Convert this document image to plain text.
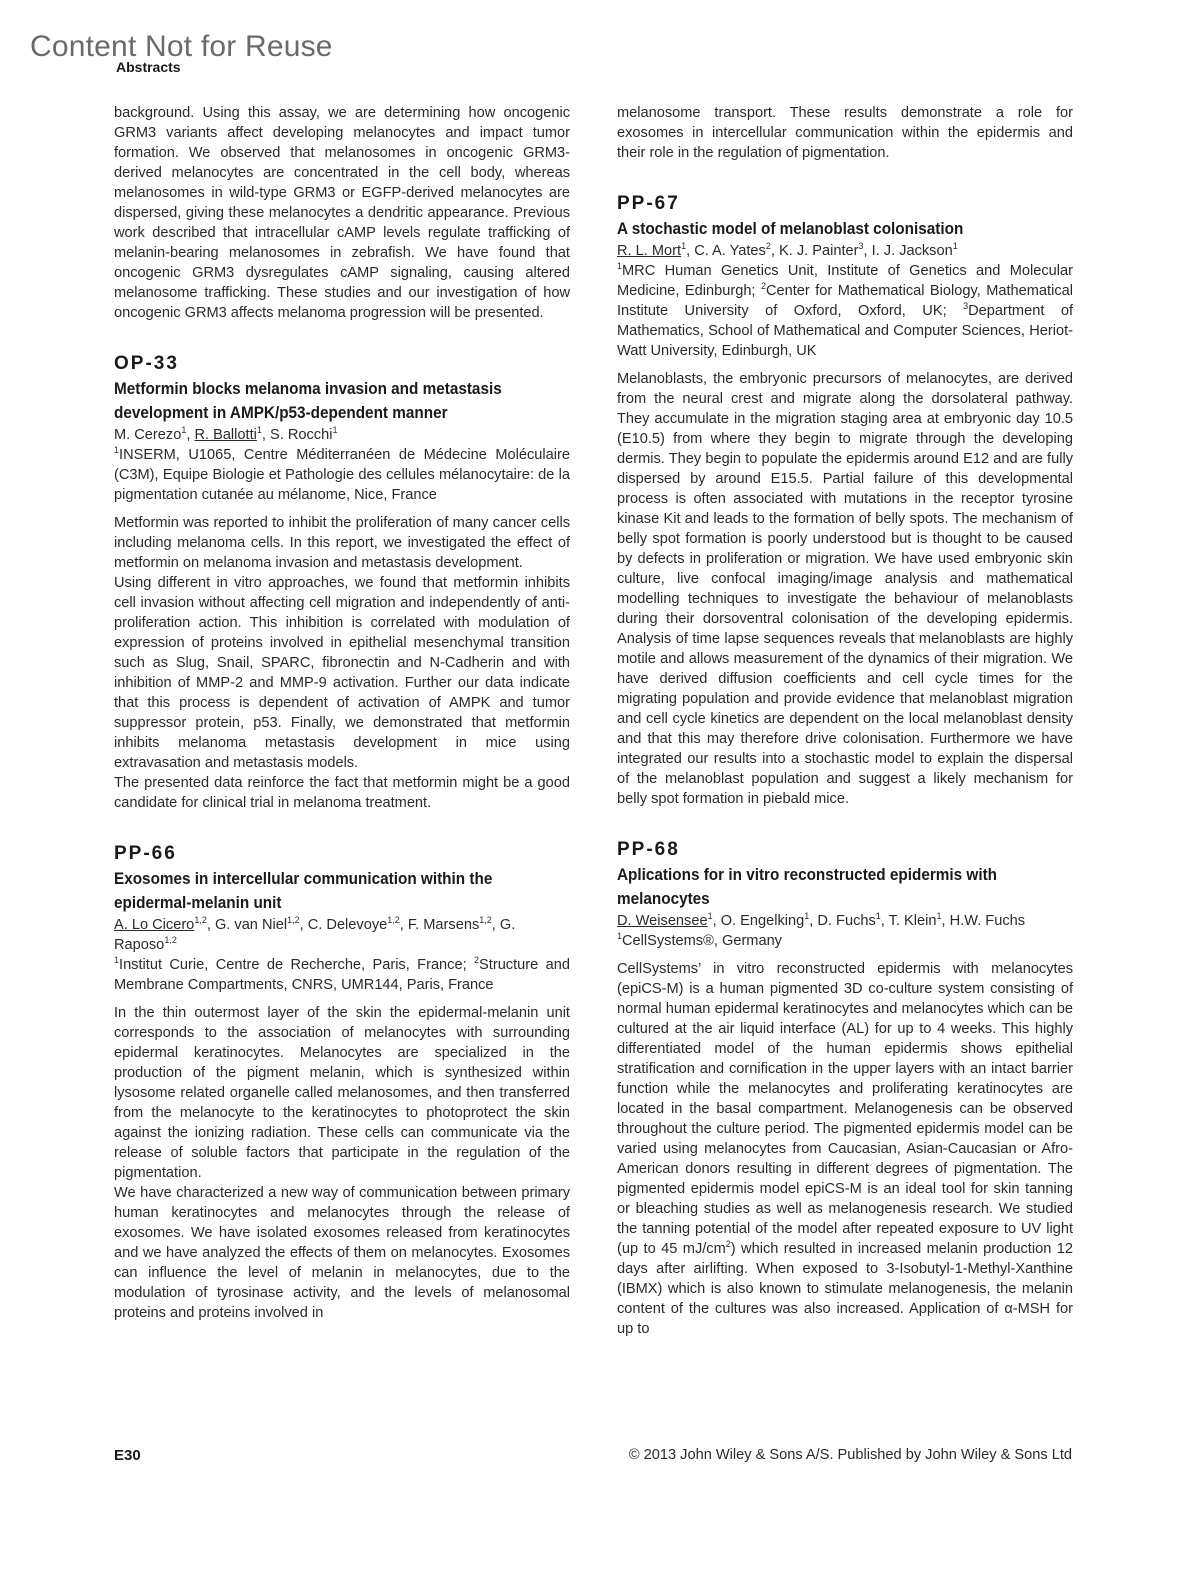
Content Not for Reuse
Abstracts

background. Using this assay, we are determining how oncogenic GRM3 variants affect developing melanocytes and impact tumor formation. We observed that melanosomes in oncogenic GRM3-derived melanocytes are concentrated in the cell body, whereas melanosomes in wild-type GRM3 or EGFP-derived melanocytes are dispersed, giving these melanocytes a dendritic appearance. Previous work described that intracellular cAMP levels regulate trafficking of melanin-bearing melanosomes in zebrafish. We have found that oncogenic GRM3 dysregulates cAMP signaling, causing altered melanosome trafficking. These studies and our investigation of how oncogenic GRM3 affects melanoma progression will be presented.

OP-33
Metformin blocks melanoma invasion and metastasis development in AMPK/p53-dependent manner
M. Cerezo$^1$, R. Ballotti$^1$, S. Rocchi$^1$
$^1$INSERM, U1065, Centre Méditerranéen de Médecine Moléculaire (C3M), Equipe Biologie et Pathologie des cellules mélanocytaire: de la pigmentation cutanée au mélanome, Nice, France

Metformin was reported to inhibit the proliferation of many cancer cells including melanoma cells. In this report, we investigated the effect of metformin on melanoma invasion and metastasis development.

Using different in vitro approaches, we found that metformin inhibits cell invasion without affecting cell migration and independently of anti-proliferation action. This inhibition is correlated with modulation of expression of proteins involved in epithelial mesenchymal transition such as Slug, Snail, SPARC, fibronectin and N-Cadherin and with inhibition of MMP-2 and MMP-9 activation. Further our data indicate that this process is dependent of activation of AMPK and tumor suppressor protein, p53. Finally, we demonstrated that metformin inhibits melanoma metastasis development in mice using extravasation and metastasis models.

The presented data reinforce the fact that metformin might be a good candidate for clinical trial in melanoma treatment.

PP-66
Exosomes in intercellular communication within the epidermal-melanin unit
A. Lo Cicero$^{1,2}$, G. van Niel$^{1,2}$, C. Delevoye$^{1,2}$, F. Marsens$^{1,2}$, G. Raposo$^{1,2}$
$^1$Institut Curie, Centre de Recherche, Paris, France; $^2$Structure and Membrane Compartments, CNRS, UMR144, Paris, France

In the thin outermost layer of the skin the epidermal-melanin unit corresponds to the association of melanocytes with surrounding epidermal keratinocytes. Melanocytes are specialized in the production of the pigment melanin, which is synthesized within lysosome related organelle called melanosomes, and then transferred from the melanocyte to the keratinocytes to photoprotect the skin against the ionizing radiation. These cells can communicate via the release of soluble factors that participate in the regulation of the pigmentation.

We have characterized a new way of communication between primary human keratinocytes and melanocytes through the release of exosomes. We have isolated exosomes released from keratinocytes and we have analyzed the effects of them on melanocytes. Exosomes can influence the level of melanin in melanocytes, due to the modulation of tyrosinase activity, and the levels of melanosomal proteins and proteins involved in

melanosome transport. These results demonstrate a role for exosomes in intercellular communication within the epidermis and their role in the regulation of pigmentation.

PP-67
A stochastic model of melanoblast colonisation
R. L. Mort$^1$, C. A. Yates$^2$, K. J. Painter$^3$, I. J. Jackson$^1$
$^1$MRC Human Genetics Unit, Institute of Genetics and Molecular Medicine, Edinburgh; $^2$Center for Mathematical Biology, Mathematical Institute University of Oxford, Oxford, UK; $^3$Department of Mathematics, School of Mathematical and Computer Sciences, Heriot-Watt University, Edinburgh, UK

Melanoblasts, the embryonic precursors of melanocytes, are derived from the neural crest and migrate along the dorsolateral pathway. They accumulate in the migration staging area at embryonic day 10.5 (E10.5) from where they begin to migrate through the developing dermis. They begin to populate the epidermis around E12 and are fully dispersed by around E15.5. Partial failure of this developmental process is often associated with mutations in the receptor tyrosine kinase Kit and leads to the formation of belly spots. The mechanism of belly spot formation is poorly understood but is thought to be caused by defects in proliferation or migration. We have used embryonic skin culture, live confocal imaging/image analysis and mathematical modelling techniques to investigate the behaviour of melanoblasts during their dorsoventral colonisation of the developing epidermis. Analysis of time lapse sequences reveals that melanoblasts are highly motile and allows measurement of the dynamics of their migration. We have derived diffusion coefficients and cell cycle times for the migrating population and provide evidence that melanoblast migration and cell cycle kinetics are dependent on the local melanoblast density and that this may therefore drive colonisation. Furthermore we have integrated our results into a stochastic model to explain the dispersal of the melanoblast population and suggest a likely mechanism for belly spot formation in piebald mice.

PP-68
Aplications for in vitro reconstructed epidermis with melanocytes
D. Weisensee$^1$, O. Engelking$^1$, D. Fuchs$^1$, T. Klein$^1$, H.W. Fuchs
$^1$CellSystems®, Germany

CellSystems’ in vitro reconstructed epidermis with melanocytes (epiCS-M) is a human pigmented 3D co-culture system consisting of normal human epidermal keratinocytes and melanocytes which can be cultured at the air liquid interface (AL) for up to 4 weeks. This highly differentiated model of the human epidermis shows epithelial stratification and cornification in the upper layers with an intact barrier function while the melanocytes and proliferating keratinocytes are located in the basal compartment. Melanogenesis can be observed throughout the culture period. The pigmented epidermis model can be varied using melanocytes from Caucasian, Asian-Caucasian or Afro-American donors resulting in different degrees of pigmentation. The pigmented epidermis model epiCS-M is an ideal tool for skin tanning or bleaching studies as well as melanogenesis research. We studied the tanning potential of the model after repeated exposure to UV light (up to 45 $mJ/cm^2$) which resulted in increased melanin production 12 days after airlifting. When exposed to 3-Isobutyl-1-Methyl-Xanthine (IBMX) which is also known to stimulate melanogenesis, the melanin content of the cultures was also increased. Application of α-MSH for up to

E30	© 2013 John Wiley & Sons A/S. Published by John Wiley & Sons Ltd
